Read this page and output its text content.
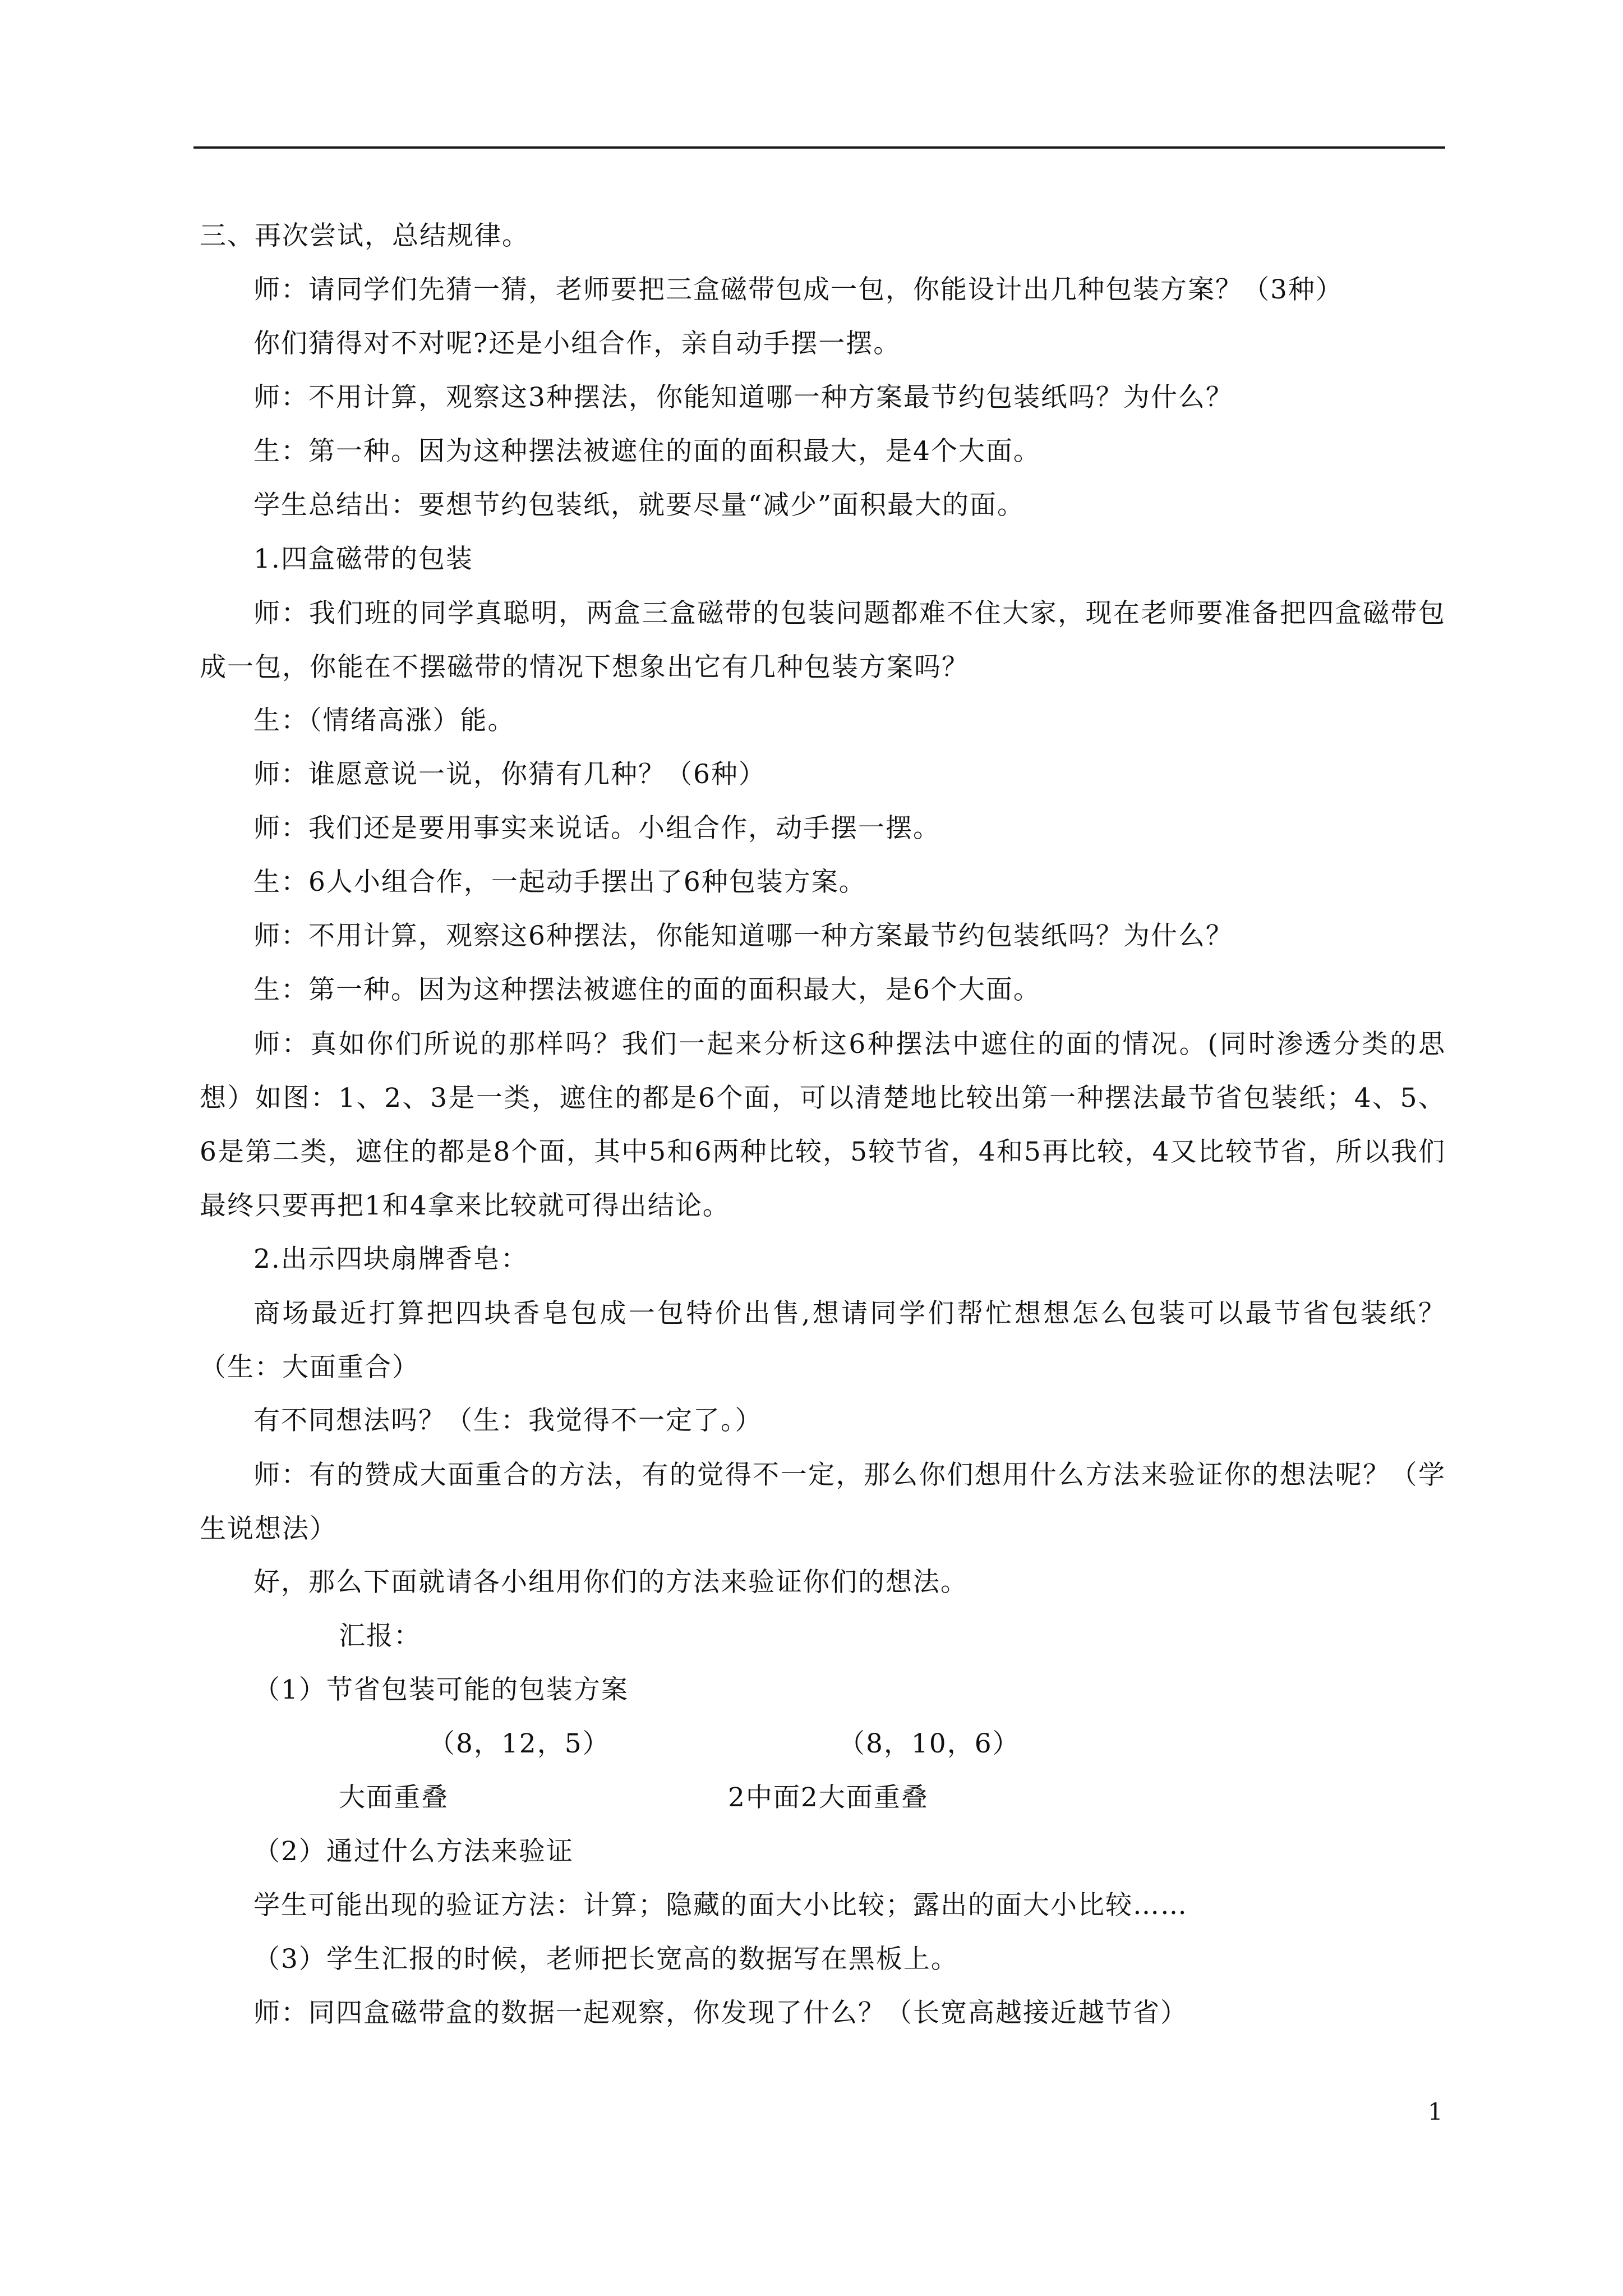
三、再次尝试，总结规律。

师：请同学们先猜一猜，老师要把三盒磁带包成一包，你能设计出几种包装方案？（3种）

你们猜得对不对呢?还是小组合作，亲自动手摆一摆。

师：不用计算，观察这3种摆法，你能知道哪一种方案最节约包装纸吗？为什么？

生：第一种。因为这种摆法被遮住的面的面积最大，是4个大面。

学生总结出：要想节约包装纸，就要尽量“减少”面积最大的面。

1.四盒磁带的包装

师：我们班的同学真聪明，两盒三盒磁带的包装问题都难不住大家，现在老师要准备把四盒磁带包成一包，你能在不摆磁带的情况下想象出它有几种包装方案吗？

生：（情绪高涨）能。

师：谁愿意说一说，你猜有几种？（6种）

师：我们还是要用事实来说话。小组合作，动手摆一摆。

生：6人小组合作，一起动手摆出了6种包装方案。

师：不用计算，观察这6种摆法，你能知道哪一种方案最节约包装纸吗？为什么？

生：第一种。因为这种摆法被遮住的面的面积最大，是6个大面。

师：真如你们所说的那样吗？我们一起来分析这6种摆法中遮住的面的情况。(同时渗透分类的思想）如图：1、2、3是一类，遮住的都是6个面，可以清楚地比较出第一种摆法最节省包装纸；4、5、6是第二类，遮住的都是8个面，其中5和6两种比较，5较节省，4和5再比较，4又比较节省，所以我们最终只要再把1和4拿来比较就可得出结论。

2.出示四块扇牌香皂：

商场最近打算把四块香皂包成一包特价出售,想请同学们帮忙想想怎么包装可以最节省包装纸？（生：大面重合）

有不同想法吗？（生：我觉得不一定了。）

师：有的赞成大面重合的方法，有的觉得不一定，那么你们想用什么方法来验证你的想法呢？（学生说想法）

好，那么下面就请各小组用你们的方法来验证你们的想法。

汇报：

（1）节省包装可能的包装方案

（8，12，5）	（8，10，6）

大面重叠	2中面2大面重叠

（2）通过什么方法来验证

学生可能出现的验证方法：计算；隐藏的面大小比较；露出的面大小比较……

（3）学生汇报的时候，老师把长宽高的数据写在黑板上。

师：同四盒磁带盒的数据一起观察，你发现了什么？（长宽高越接近越节省）

1
